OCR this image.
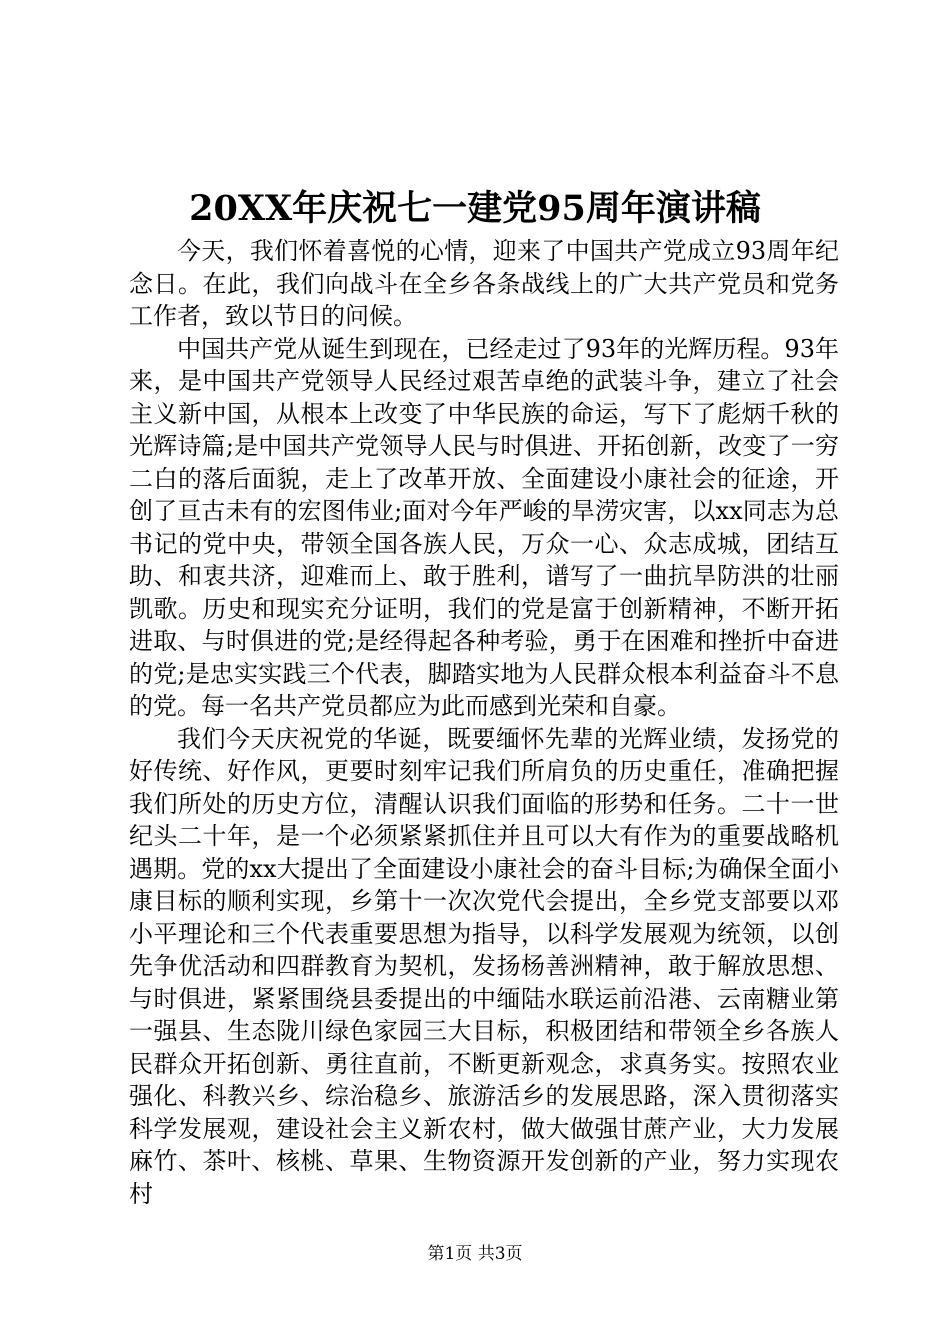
20XX年庆祝七一建党95周年演讲稿

今天，我们怀着喜悦的心情，迎来了中国共产党成立93周年纪念日。在此，我们向战斗在全乡各条战线上的广大共产党员和党务工作者，致以节日的问候。

中国共产党从诞生到现在，已经走过了93年的光辉历程。93年来，是中国共产党领导人民经过艰苦卓绝的武装斗争，建立了社会主义新中国，从根本上改变了中华民族的命运，写下了彪炳千秋的光辉诗篇;是中国共产党领导人民与时俱进、开拓创新，改变了一穷二白的落后面貌，走上了改革开放、全面建设小康社会的征途，开创了亘古未有的宏图伟业;面对今年严峻的旱涝灾害，以xx同志为总书记的党中央，带领全国各族人民，万众一心、众志成城，团结互助、和衷共济，迎难而上、敢于胜利，谱写了一曲抗旱防洪的壮丽凯歌。历史和现实充分证明，我们的党是富于创新精神，不断开拓进取、与时俱进的党;是经得起各种考验，勇于在困难和挫折中奋进的党;是忠实实践三个代表，脚踏实地为人民群众根本利益奋斗不息的党。每一名共产党员都应为此而感到光荣和自豪。

我们今天庆祝党的华诞，既要缅怀先辈的光辉业绩，发扬党的好传统、好作风，更要时刻牢记我们所肩负的历史重任，准确把握我们所处的历史方位，清醒认识我们面临的形势和任务。二十一世纪头二十年，是一个必须紧紧抓住并且可以大有作为的重要战略机遇期。党的xx大提出了全面建设小康社会的奋斗目标;为确保全面小康目标的顺利实现，乡第十一次次党代会提出，全乡党支部要以邓小平理论和三个代表重要思想为指导，以科学发展观为统领，以创先争优活动和四群教育为契机，发扬杨善洲精神，敢于解放思想、与时俱进，紧紧围绕县委提出的中缅陆水联运前沿港、云南糖业第一强县、生态陇川绿色家园三大目标，积极团结和带领全乡各族人民群众开拓创新、勇往直前，不断更新观念，求真务实。按照农业强化、科教兴乡、综治稳乡、旅游活乡的发展思路，深入贯彻落实科学发展观，建设社会主义新农村，做大做强甘蔗产业，大力发展麻竹、茶叶、核桃、草果、生物资源开发创新的产业，努力实现农村

第1页 共3页
